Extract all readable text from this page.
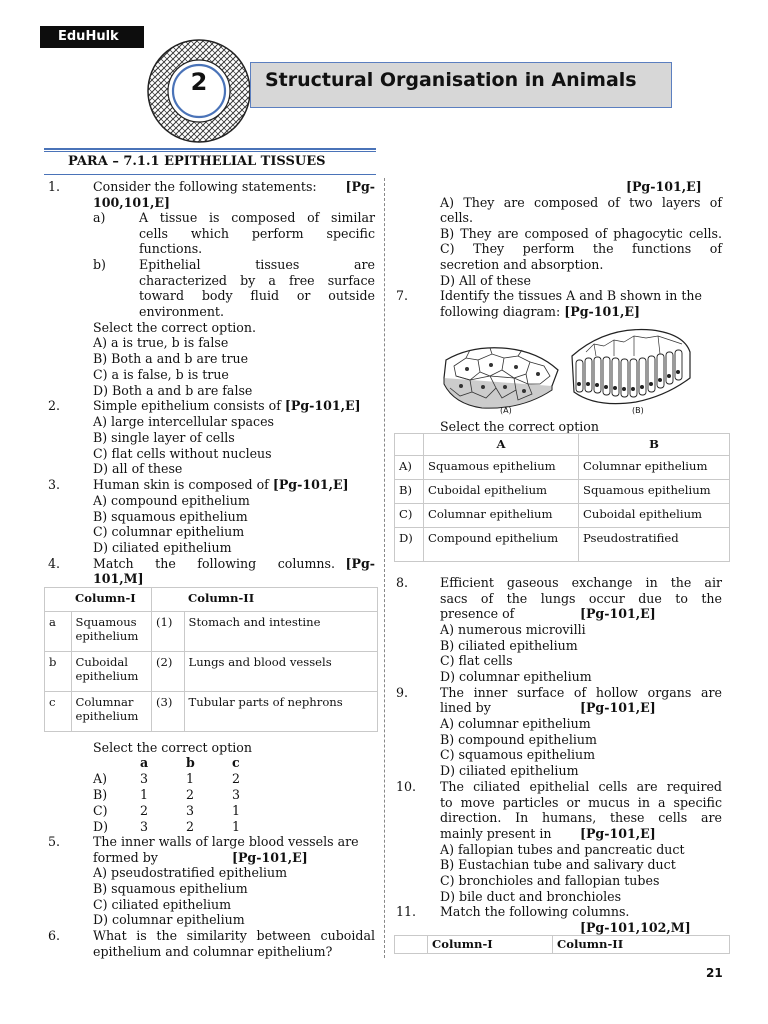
EduHulk
2	Structural Organisation in Animals
PARA – 7.1.1 EPITHELIAL TISSUES
1.	Consider the following statements: [Pg-
100,101,E]
a)	A tissue is composed of similar
cells which perform specific
functions.
b)	Epithelial tissues are
characterized by a free surface
toward body fluid or outside
environment.
Select the correct option.
A) a is true, b is false
B) Both a and b are true
C) a is false, b is true
D) Both a and b are false
2.	Simple epithelium consists of [Pg-101,E]
A) large intercellular spaces
B) single layer of cells
C) flat cells without nucleus
D) all of these
3.	Human skin is composed of [Pg-101,E]
A) compound epithelium
B) squamous epithelium
C) columnar epithelium
D) ciliated epithelium
4.	Match the following columns. [Pg-
101,M]
	Column-I		Column-II
a	Squamous epithelium	(1)	Stomach and intestine
b	Cuboidal epithelium	(2)	Lungs and blood vessels
c	Columnar epithelium	(3)	Tubular parts of nephrons
Select the correct option
a	b	c
A)	3	1	2
B)	1	2	3
C)	2	3	1
D)	3	2	1
5.	The inner walls of large blood vessels are
formed by	[Pg-101,E]
A) pseudostratified epithelium
B) squamous epithelium
C) ciliated epithelium
D) columnar epithelium
6.	What is the similarity between cuboidal
epithelium and columnar epithelium?
[Pg-101,E]
A) They are composed of two layers of
cells.
B) They are composed of phagocytic cells.
C) They perform the functions of
secretion and absorption.
D) All of these
7.	Identify the tissues A and B shown in the
following diagram: [Pg-101,E]
(A)	(B)
Select the correct option
	A	B
A)	Squamous epithelium	Columnar epithelium
B)	Cuboidal epithelium	Squamous epithelium
C)	Columnar epithelium	Cuboidal epithelium
D)	Compound epithelium	Pseudostratified
8.	Efficient gaseous exchange in the air
sacs of the lungs occur due to the
presence of	[Pg-101,E]
A) numerous microvilli
B) ciliated epithelium
C) flat cells
D) columnar epithelium
9.	The inner surface of hollow organs are
lined by	[Pg-101,E]
A) columnar epithelium
B) compound epithelium
C) squamous epithelium
D) ciliated epithelium
10. The ciliated epithelial cells are required
to move particles or mucus in a specific
direction. In humans, these cells are
mainly present in [Pg-101,E]
A) fallopian tubes and pancreatic duct
B) Eustachian tube and salivary duct
C) bronchioles and fallopian tubes
D) bile duct and bronchioles
11. Match the following columns.
[Pg-101,102,M]
	Column-I	Column-II
21
